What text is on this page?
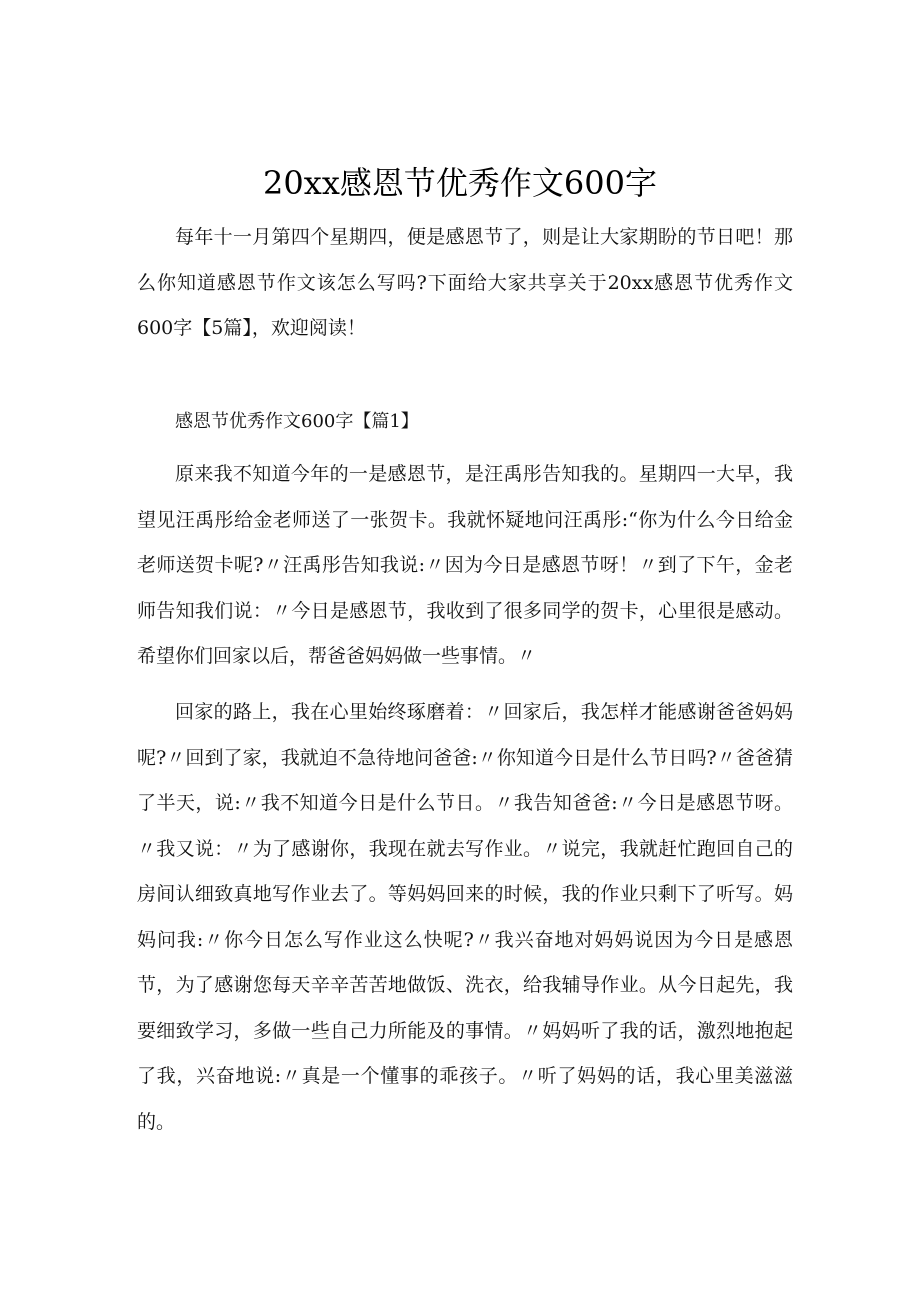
20xx感恩节优秀作文600字

每年十一月第四个星期四，便是感恩节了，则是让大家期盼的节日吧！那么你知道感恩节作文该怎么写吗?下面给大家共享关于20xx感恩节优秀作文600字【5篇】，欢迎阅读！

感恩节优秀作文600字【篇1】

原来我不知道今年的一是感恩节，是汪禹彤告知我的。星期四一大早，我望见汪禹彤给金老师送了一张贺卡。我就怀疑地问汪禹彤:“你为什么今日给金老师送贺卡呢?〃汪禹彤告知我说:〃因为今日是感恩节呀！〃到了下午，金老师告知我们说：〃今日是感恩节，我收到了很多同学的贺卡，心里很是感动。希望你们回家以后，帮爸爸妈妈做一些事情。〃

回家的路上，我在心里始终琢磨着：〃回家后，我怎样才能感谢爸爸妈妈呢?〃回到了家，我就迫不急待地问爸爸:〃你知道今日是什么节日吗?〃爸爸猜了半天，说:〃我不知道今日是什么节日。〃我告知爸爸:〃今日是感恩节呀。〃我又说：〃为了感谢你，我现在就去写作业。〃说完，我就赶忙跑回自己的房间认细致真地写作业去了。等妈妈回来的时候，我的作业只剩下了听写。妈妈问我:〃你今日怎么写作业这么快呢?〃我兴奋地对妈妈说因为今日是感恩节，为了感谢您每天辛辛苦苦地做饭、洗衣，给我辅导作业。从今日起先，我要细致学习，多做一些自己力所能及的事情。〃妈妈听了我的话，激烈地抱起了我，兴奋地说:〃真是一个懂事的乖孩子。〃听了妈妈的话，我心里美滋滋的。
